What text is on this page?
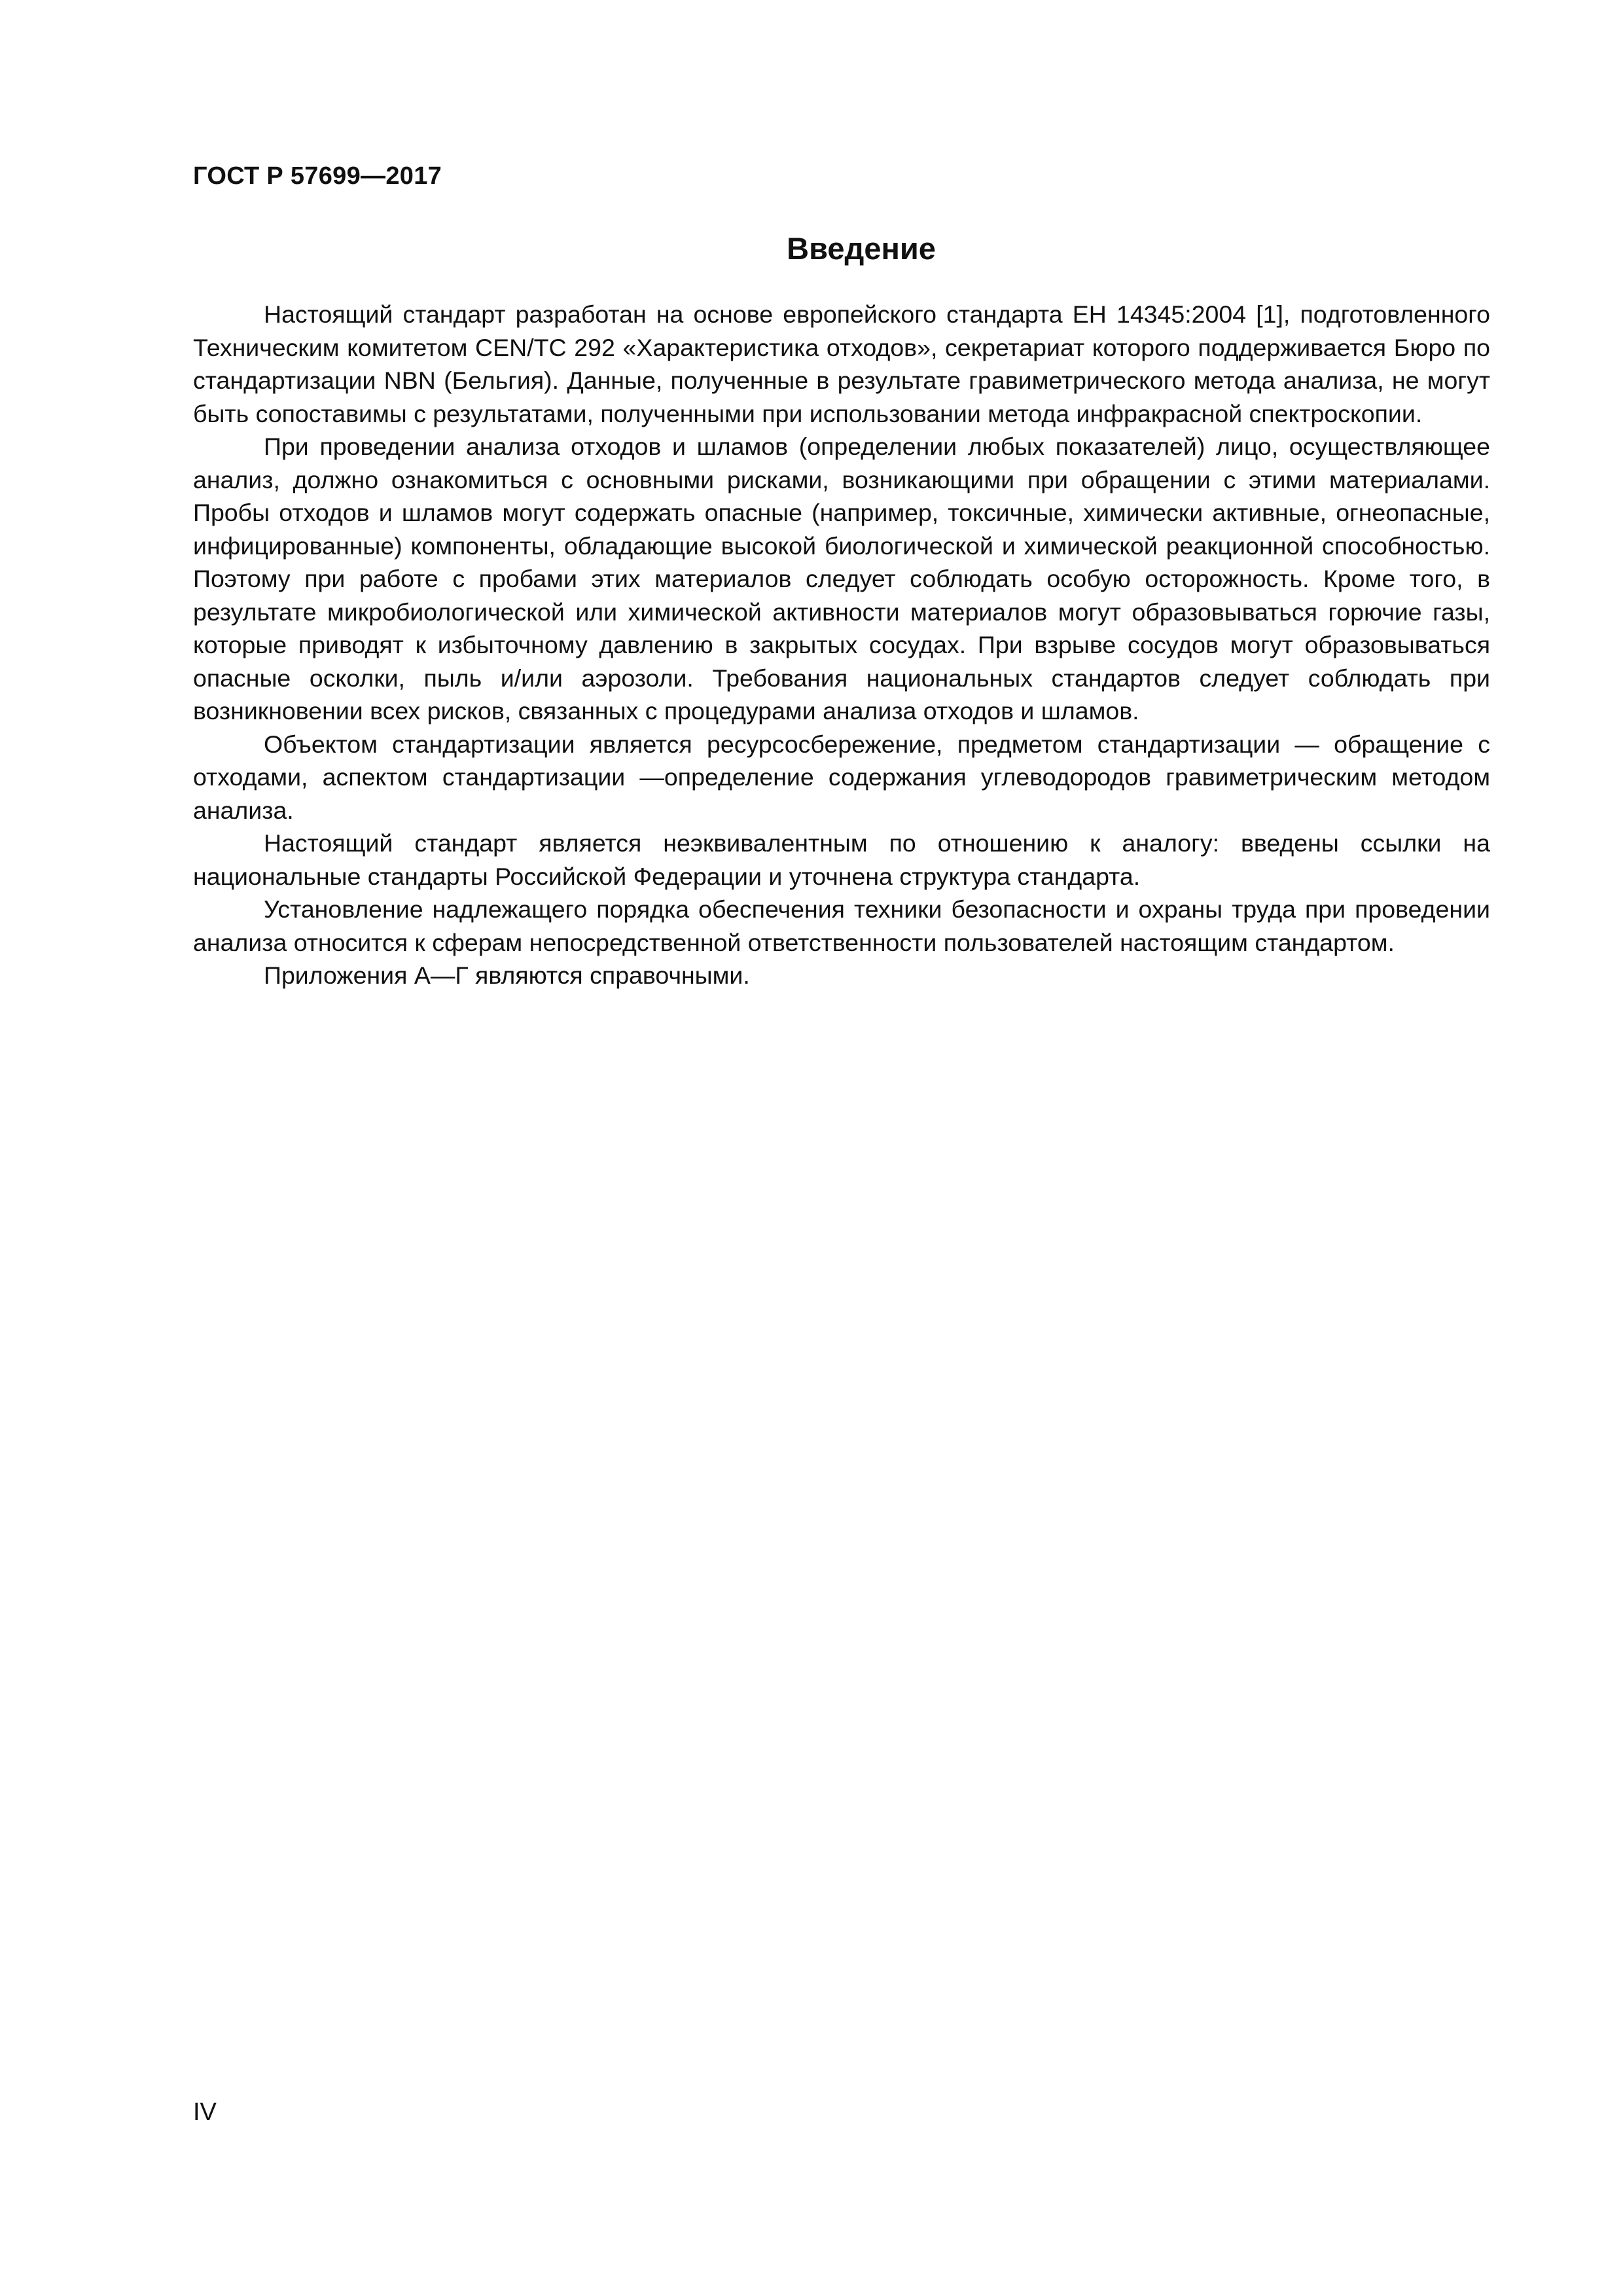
ГОСТ Р 57699—2017
Введение

Настоящий стандарт разработан на основе европейского стандарта ЕН 14345:2004 [1], подготовленного Техническим комитетом CEN/TC 292 «Характеристика отходов», секретариат которого поддерживается Бюро по стандартизации NBN (Бельгия). Данные, полученные в результате гравиметрического метода анализа, не могут быть сопоставимы с результатами, полученными при использовании метода инфракрасной спектроскопии.

При проведении анализа отходов и шламов (определении любых показателей) лицо, осуществляющее анализ, должно ознакомиться с основными рисками, возникающими при обращении с этими материалами. Пробы отходов и шламов могут содержать опасные (например, токсичные, химически активные, огнеопасные, инфицированные) компоненты, обладающие высокой биологической и химической реакционной способностью. Поэтому при работе с пробами этих материалов следует соблюдать особую осторожность. Кроме того, в результате микробиологической или химической активности материалов могут образовываться горючие газы, которые приводят к избыточному давлению в закрытых сосудах. При взрыве сосудов могут образовываться опасные осколки, пыль и/или аэрозоли. Требования национальных стандартов следует соблюдать при возникновении всех рисков, связанных с процедурами анализа отходов и шламов.

Объектом стандартизации является ресурсосбережение, предметом стандартизации — обращение с отходами, аспектом стандартизации —определение содержания углеводородов гравиметрическим методом анализа.

Настоящий стандарт является неэквивалентным по отношению к аналогу: введены ссылки на национальные стандарты Российской Федерации и уточнена структура стандарта.

Установление надлежащего порядка обеспечения техники безопасности и охраны труда при проведении анализа относится к сферам непосредственной ответственности пользователей настоящим стандартом.

Приложения А—Г являются справочными.

IV
